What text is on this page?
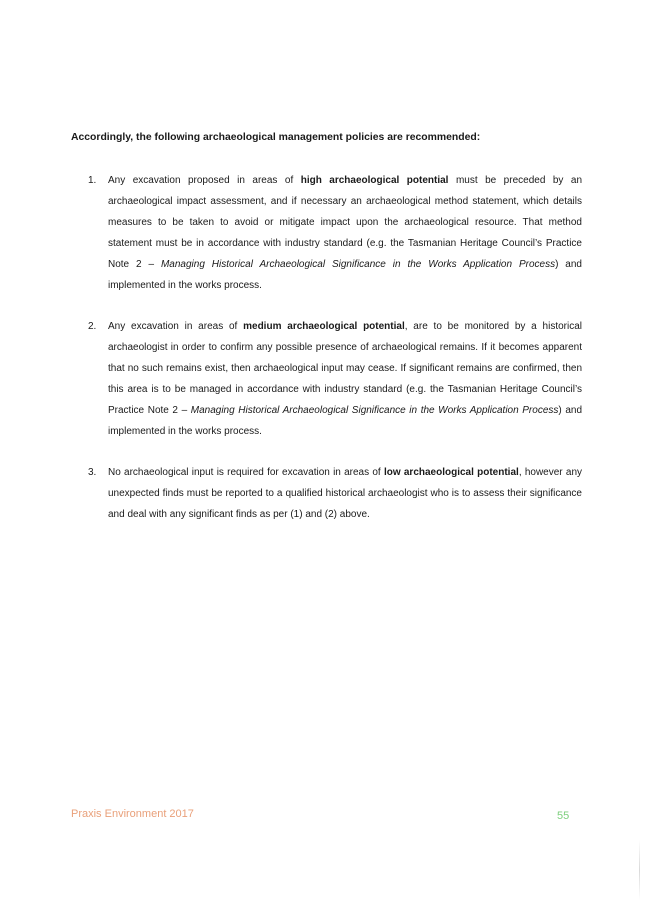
Accordingly, the following archaeological management policies are recommended:
1. Any excavation proposed in areas of high archaeological potential must be preceded by an archaeological impact assessment, and if necessary an archaeological method statement, which details measures to be taken to avoid or mitigate impact upon the archaeological resource. That method statement must be in accordance with industry standard (e.g. the Tasmanian Heritage Council’s Practice Note 2 – Managing Historical Archaeological Significance in the Works Application Process) and implemented in the works process.
2. Any excavation in areas of medium archaeological potential, are to be monitored by a historical archaeologist in order to confirm any possible presence of archaeological remains. If it becomes apparent that no such remains exist, then archaeological input may cease. If significant remains are confirmed, then this area is to be managed in accordance with industry standard (e.g. the Tasmanian Heritage Council’s Practice Note 2 – Managing Historical Archaeological Significance in the Works Application Process) and implemented in the works process.
3. No archaeological input is required for excavation in areas of low archaeological potential, however any unexpected finds must be reported to a qualified historical archaeologist who is to assess their significance and deal with any significant finds as per (1) and (2) above.
Praxis Environment 2017	55
